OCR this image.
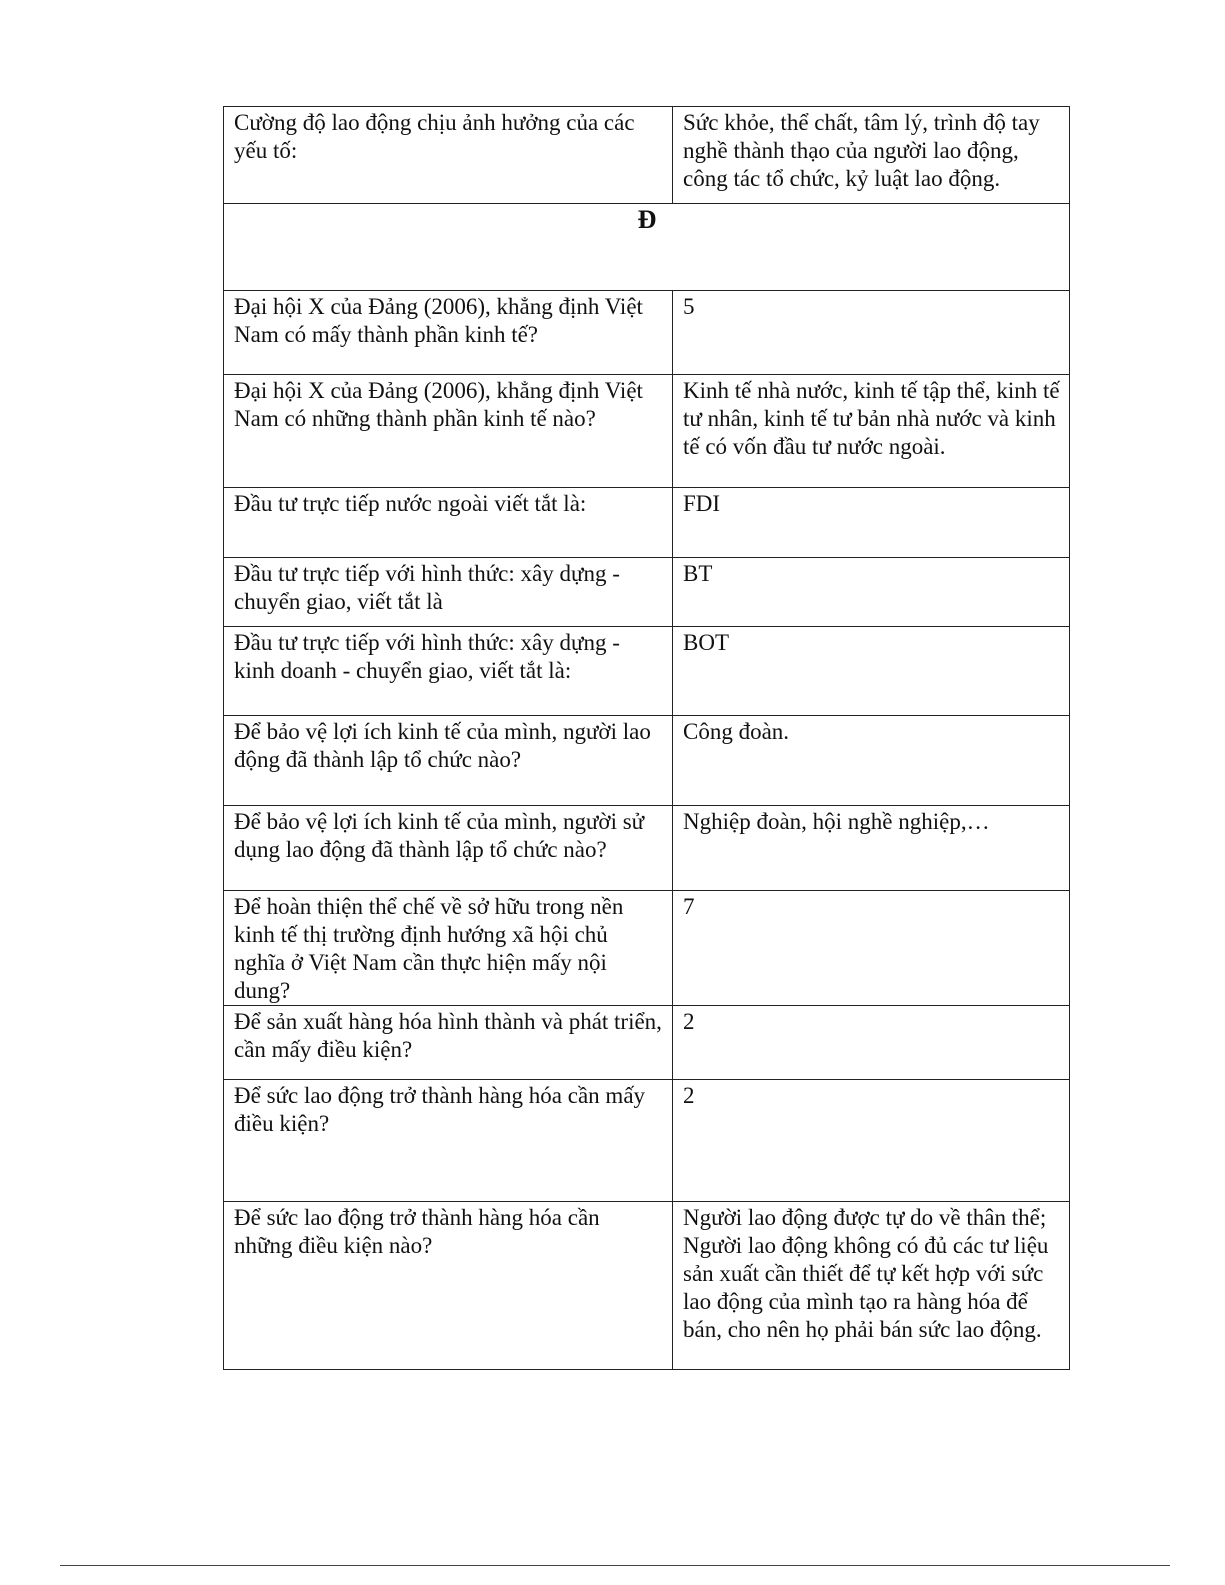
Cường độ lao động chịu ảnh hưởng của các yếu tố:	Sức khỏe, thể chất, tâm lý, trình độ tay nghề thành thạo của người lao động, công tác tổ chức, kỷ luật lao động.
Đ	
Đại hội X của Đảng (2006), khẳng định Việt Nam có mấy thành phần kinh tế?	5
Đại hội X của Đảng (2006), khẳng định Việt Nam có những thành phần kinh tế nào?	Kinh tế nhà nước, kinh tế tập thể, kinh tế tư nhân, kinh tế tư bản nhà nước và kinh tế có vốn đầu tư nước ngoài.
Đầu tư trực tiếp nước ngoài viết tắt là:	FDI
Đầu tư trực tiếp với hình thức: xây dựng - chuyển giao, viết tắt là	BT
Đầu tư trực tiếp với hình thức: xây dựng - kinh doanh - chuyển giao, viết tắt là:	BOT
Để bảo vệ lợi ích kinh tế của mình, người lao động đã thành lập tổ chức nào?	Công đoàn.
Để bảo vệ lợi ích kinh tế của mình, người sử dụng lao động đã thành lập tổ chức nào?	Nghiệp đoàn, hội nghề nghiệp,…
Để hoàn thiện thể chế về sở hữu trong nền kinh tế thị trường định hướng xã hội chủ nghĩa ở Việt Nam cần thực hiện mấy nội dung?	7
Để sản xuất hàng hóa hình thành và phát triển, cần mấy điều kiện?	2
Để sức lao động trở thành hàng hóa cần mấy điều kiện?	2
Để sức lao động trở thành hàng hóa cần những điều kiện nào?	Người lao động được tự do về thân thể; Người lao động không có đủ các tư liệu sản xuất cần thiết để tự kết hợp với sức lao động của mình tạo ra hàng hóa để bán, cho nên họ phải bán sức lao động.
